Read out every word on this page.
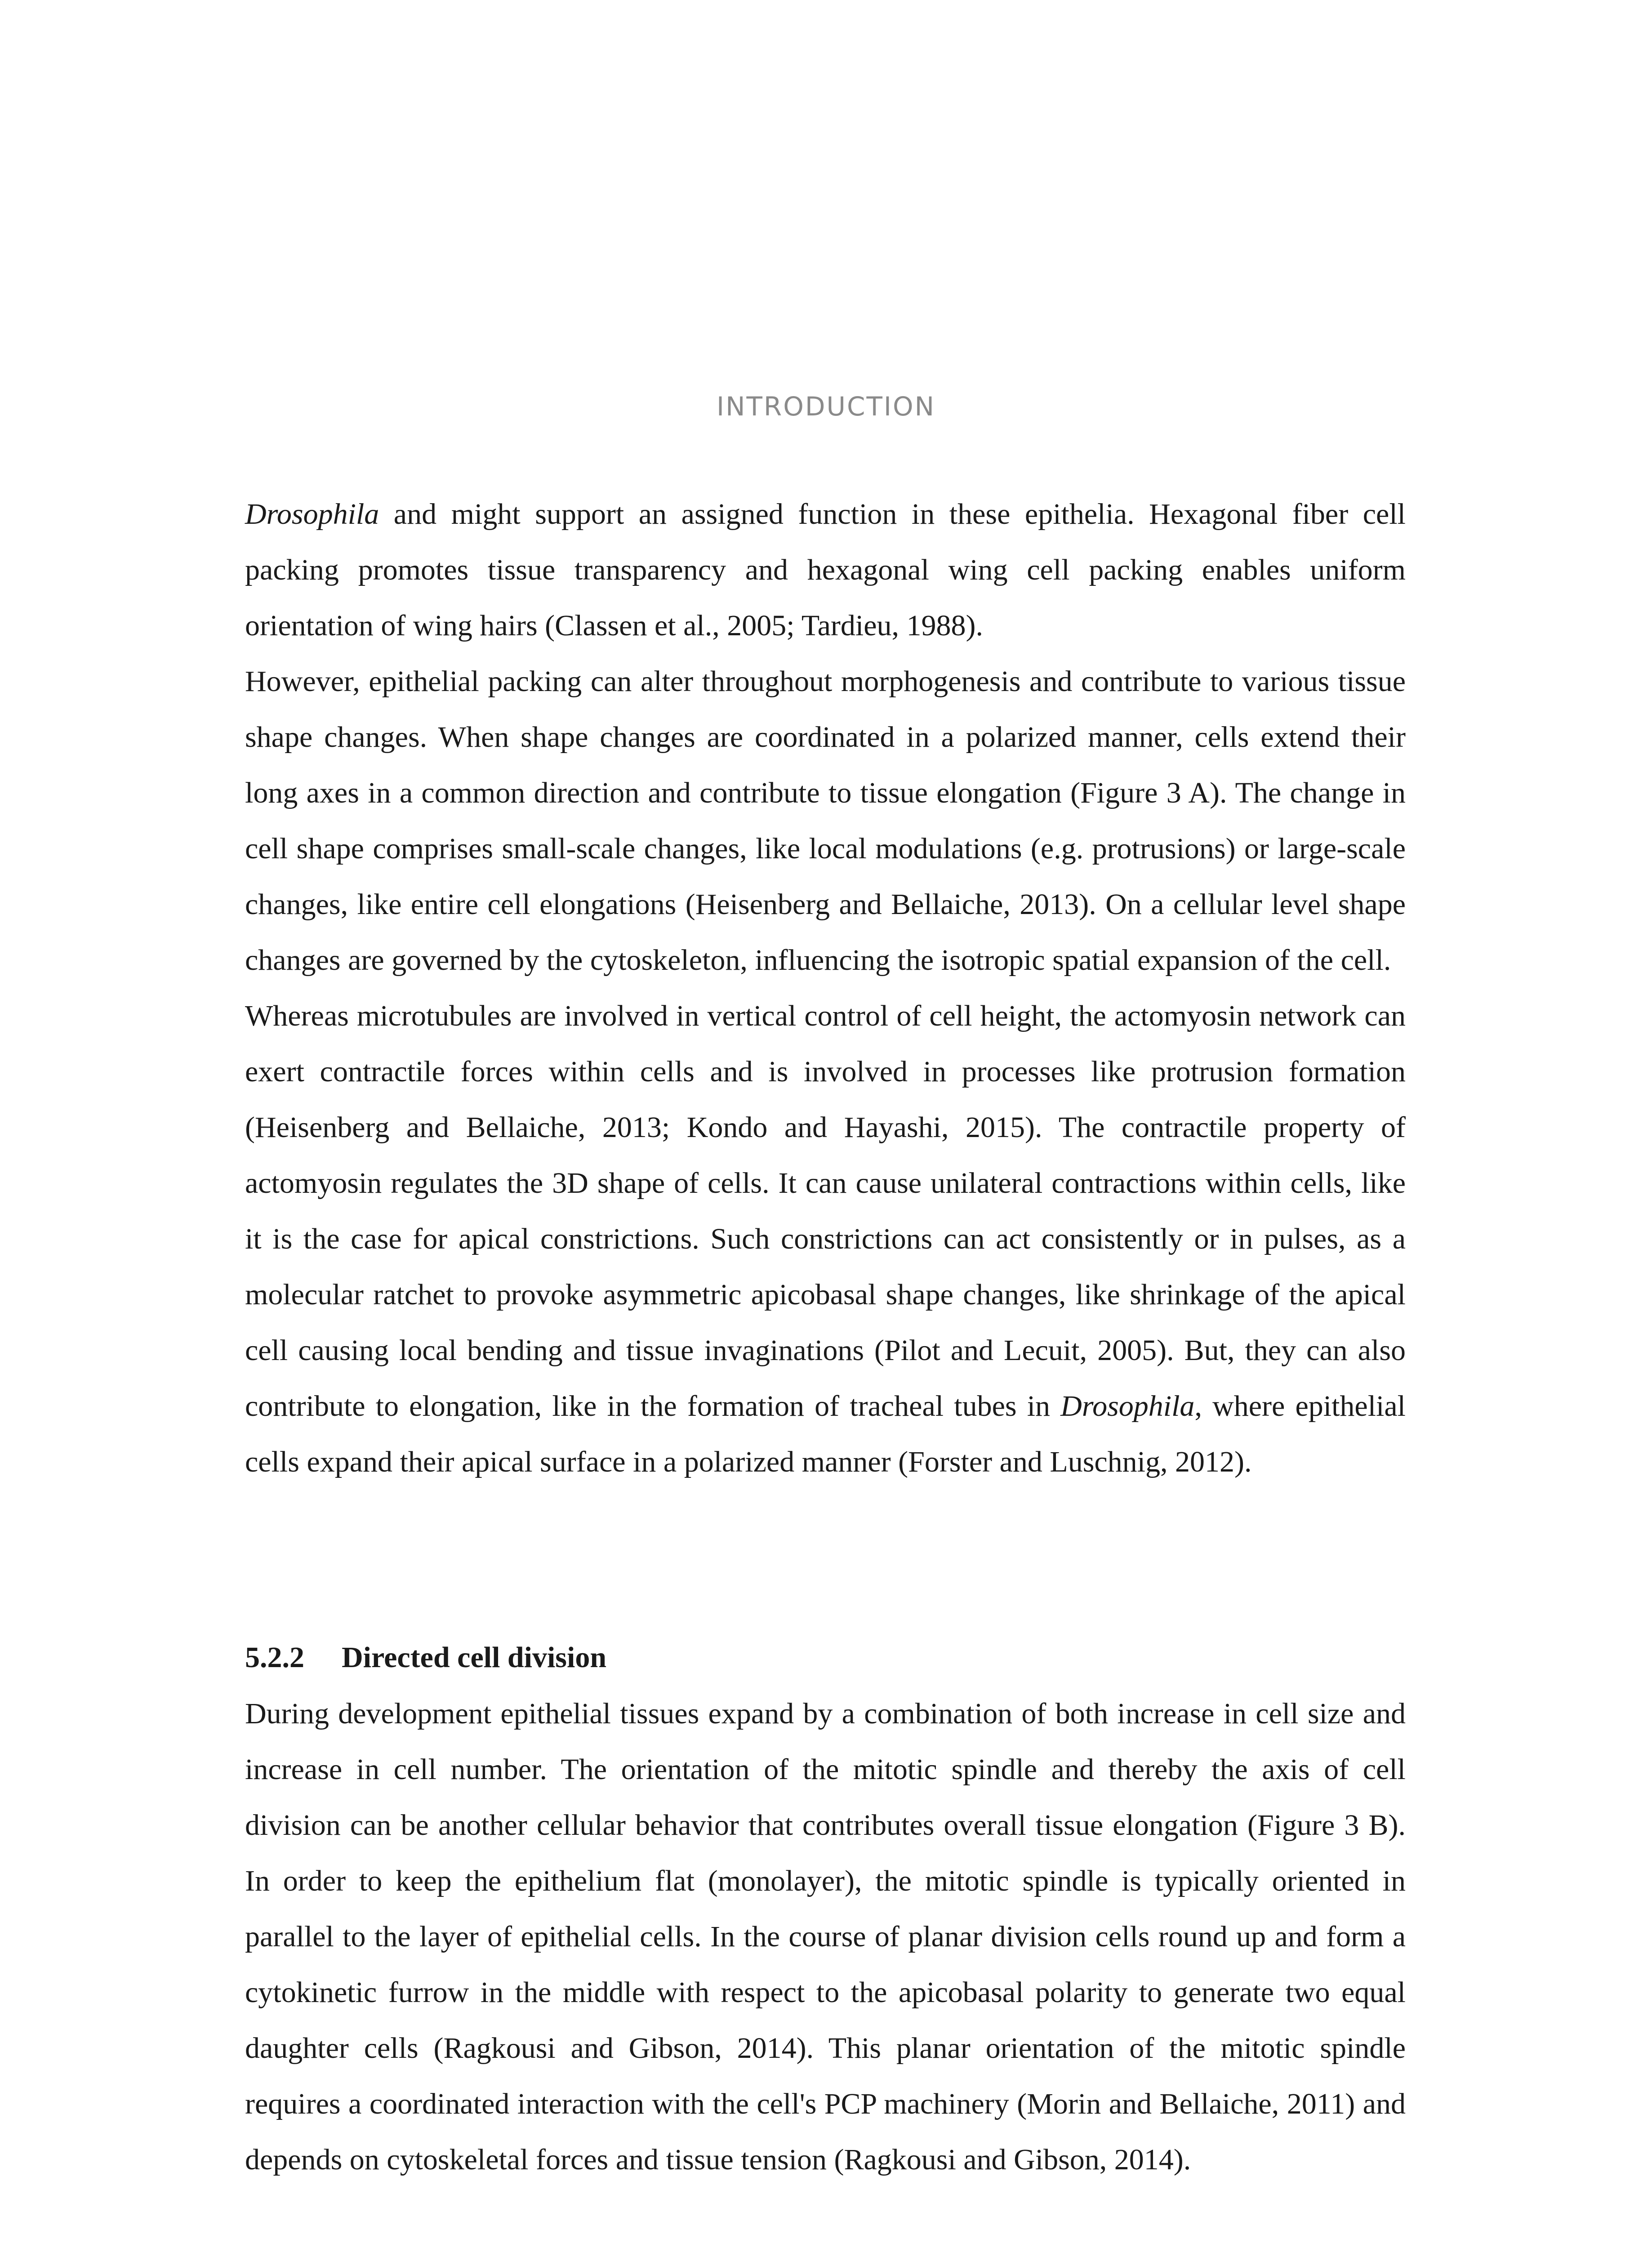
INTRODUCTION

Drosophila and might support an assigned function in these epithelia. Hexagonal fiber cell packing promotes tissue transparency and hexagonal wing cell packing enables uniform orientation of wing hairs (Classen et al., 2005; Tardieu, 1988).

However, epithelial packing can alter throughout morphogenesis and contribute to various tissue shape changes. When shape changes are coordinated in a polarized manner, cells extend their long axes in a common direction and contribute to tissue elongation (Figure 3 A). The change in cell shape comprises small-scale changes, like local modulations (e.g. protrusions) or large-scale changes, like entire cell elongations (Heisenberg and Bellaiche, 2013). On a cellular level shape changes are governed by the cytoskeleton, influencing the isotropic spatial expansion of the cell.

Whereas microtubules are involved in vertical control of cell height, the actomyosin network can exert contractile forces within cells and is involved in processes like protrusion formation (Heisenberg and Bellaiche, 2013; Kondo and Hayashi, 2015). The contractile property of actomyosin regulates the 3D shape of cells. It can cause unilateral contractions within cells, like it is the case for apical constrictions. Such constrictions can act consistently or in pulses, as a molecular ratchet to provoke asymmetric apicobasal shape changes, like shrinkage of the apical cell causing local bending and tissue invaginations (Pilot and Lecuit, 2005). But, they can also contribute to elongation, like in the formation of tracheal tubes in Drosophila, where epithelial cells expand their apical surface in a polarized manner (Forster and Luschnig, 2012).

5.2.2 Directed cell division

During development epithelial tissues expand by a combination of both increase in cell size and increase in cell number. The orientation of the mitotic spindle and thereby the axis of cell division can be another cellular behavior that contributes overall tissue elongation (Figure 3 B). In order to keep the epithelium flat (monolayer), the mitotic spindle is typically oriented in parallel to the layer of epithelial cells. In the course of planar division cells round up and form a cytokinetic furrow in the middle with respect to the apicobasal polarity to generate two equal daughter cells (Ragkousi and Gibson, 2014). This planar orientation of the mitotic spindle requires a coordinated interaction with the cell's PCP machinery (Morin and Bellaiche, 2011) and depends on cytoskeletal forces and tissue tension (Ragkousi and Gibson, 2014).
